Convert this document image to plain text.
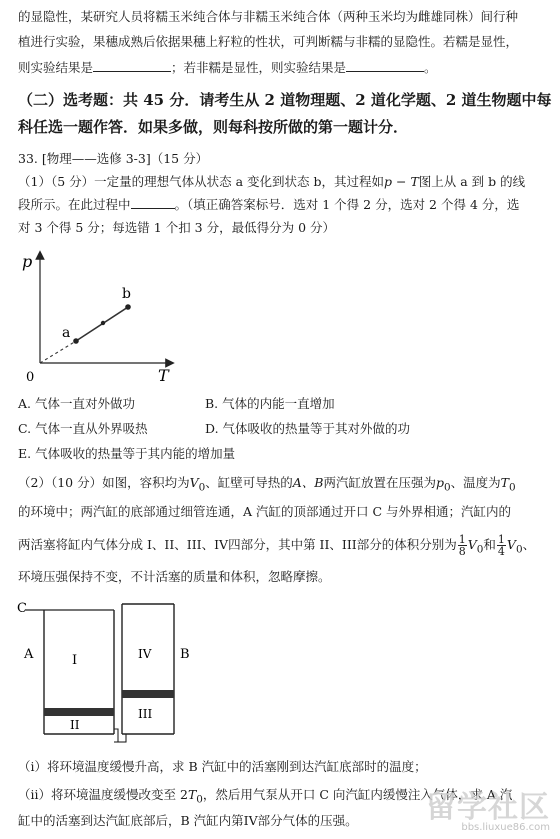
的显隐性，某研究人员将糯玉米纯合体与非糯玉米纯合体（两种玉米均为雌雄同株）间行种
植进行实验，果穗成熟后依据果穗上籽粒的性状，可判断糯与非糯的显隐性。若糯是显性，
则实验结果是	；若非糯是显性，则实验结果是	。
（二）选考题：共 45 分．请考生从 2 道物理题、2 道化学题、2 道生物题中每
科任选一题作答．如果多做，则每科按所做的第一题计分．
33. [物理——选修 3-3]（15 分）
（1）（5 分）一定量的理想气体从状态 a 变化到状态 b，其过程如p − T图上从 a 到 b 的线
段所示。在此过程中	。（填正确答案标号．选对 1 个得 2 分，选对 2 个得 4 分，选
对 3 个得 5 分；每选错 1 个扣 3 分，最低得分为 0 分）
p
T
0
a
b
A. 气体一直对外做功	B. 气体的内能一直增加
C. 气体一直从外界吸热	D. 气体吸收的热量等于其对外做的功
E. 气体吸收的热量等于其内能的增加量
（2）（10 分）如图，容积均为$V_0$、缸壁可导热的A、B两汽缸放置在压强为$p_0$、温度为$T_0$
的环境中；两汽缸的底部通过细管连通，A 汽缸的顶部通过开口 C 与外界相通；汽缸内的
两活塞将缸内气体分成 I、II、III、IV四部分，其中第 II、III部分的体积分别为 $\frac{1}{8} V_0$和 $\frac{1}{4} V_0$、
环境压强保持不变，不计活塞的质量和体积，忽略摩擦。
C
A	B
I
II
III
IV
（i）将环境温度缓慢升高，求 B 汽缸中的活塞刚到达汽缸底部时的温度；
（ii）将环境温度缓慢改变至 $2T_0$，然后用气泵从开口 C 向汽缸内缓慢注入气体，求 A 汽
缸中的活塞到达汽缸底部后，B 汽缸内第IV部分气体的压强。 留学社区
bbs.liuxue86.com
